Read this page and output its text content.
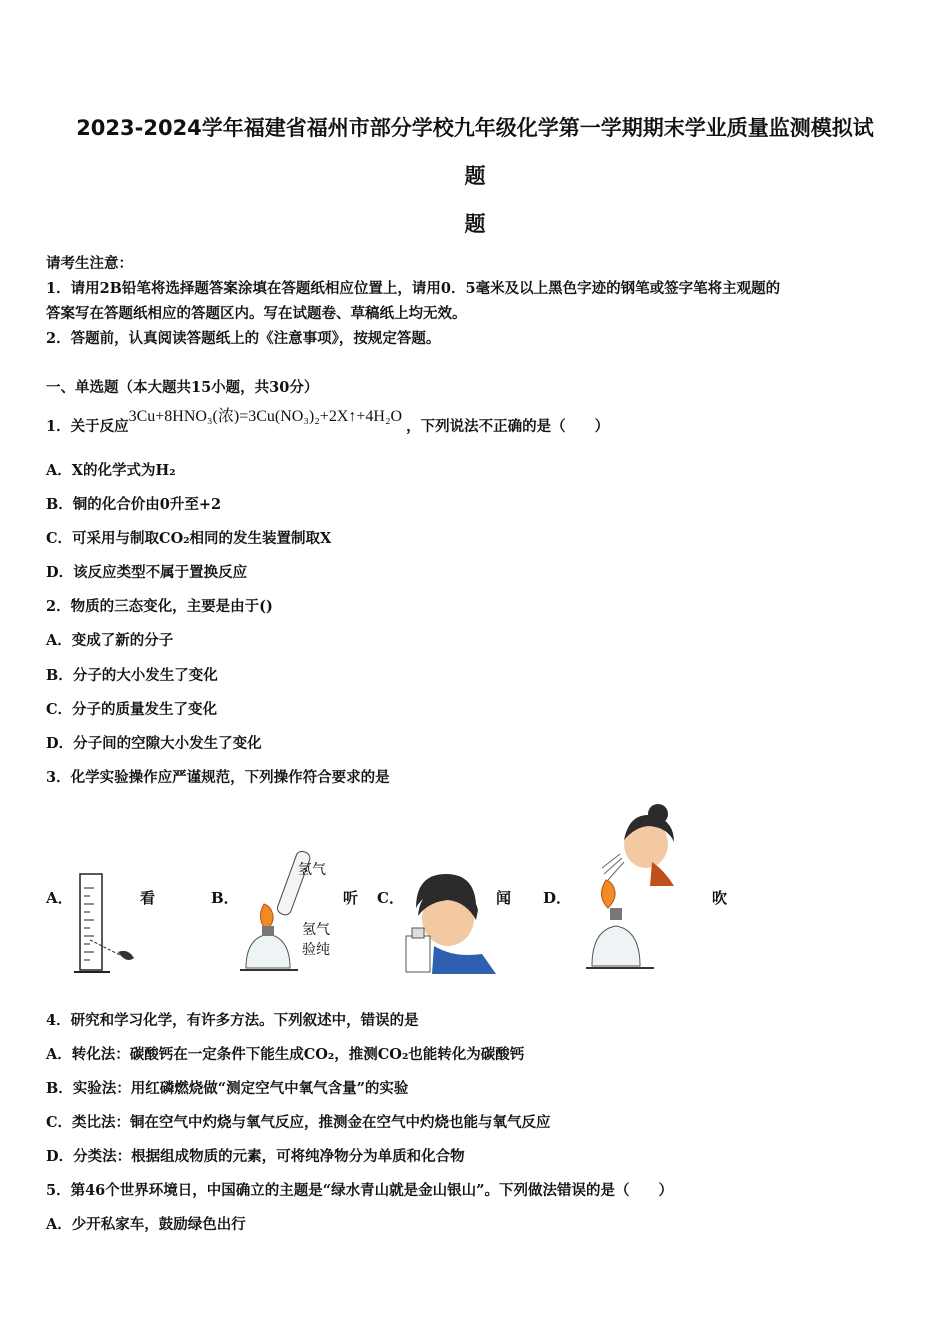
2023-2024学年福建省福州市部分学校九年级化学第一学期期末学业质量监测模拟试
题
题
请考生注意：
1．请用2B铅笔将选择题答案涂填在答题纸相应位置上，请用0．5毫米及以上黑色字迹的钢笔或签字笔将主观题的
答案写在答题纸相应的答题区内。写在试题卷、草稿纸上均无效。
2．答题前，认真阅读答题纸上的《注意事项》，按规定答题。
一、单选题（本大题共15小题，共30分）
1．关于反应3Cu+8HNO₃(浓)=3Cu(NO₃)₂+2X↑+4H₂O，下列说法不正确的是（　　）
A．X的化学式为H₂
B．铜的化合价由0升至+2
C．可采用与制取CO₂相同的发生装置制取X
D．该反应类型不属于置换反应
2．物质的三态变化，主要是由于()
A．变成了新的分子
B．分子的大小发生了变化
C．分子的质量发生了变化
D．分子间的空隙大小发生了变化
3．化学实验操作应严谨规范，下列操作符合要求的是
A．	看	B．
氢气
氢气
验纯
听 C．	闻 D．	吹
4．研究和学习化学，有许多方法。下列叙述中，错误的是
A．转化法：碳酸钙在一定条件下能生成CO₂，推测CO₂也能转化为碳酸钙
B．实验法：用红磷燃烧做“测定空气中氧气含量”的实验
C．类比法：铜在空气中灼烧与氧气反应，推测金在空气中灼烧也能与氧气反应
D．分类法：根据组成物质的元素，可将纯净物分为单质和化合物
5．第46个世界环境日，中国确立的主题是“绿水青山就是金山银山”。下列做法错误的是（　　）
A．少开私家车，鼓励绿色出行
